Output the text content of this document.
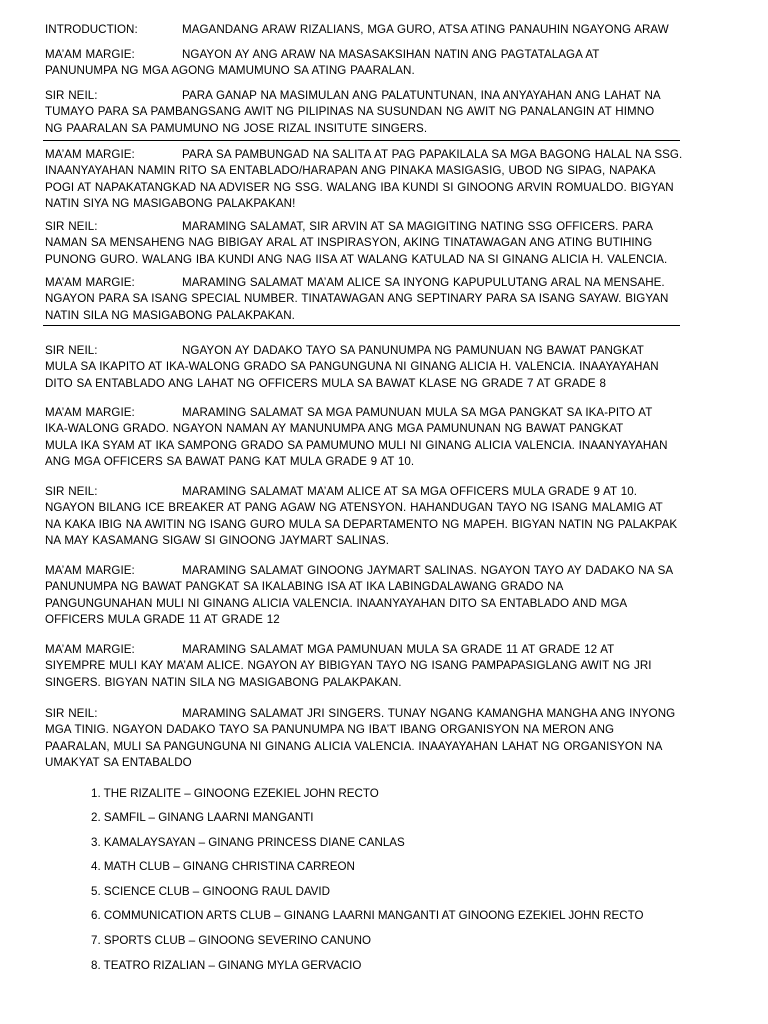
INTRODUCTION:	MAGANDANG ARAW RIZALIANS, MGA GURO, ATSA ATING PANAUHIN NGAYONG ARAW
MA’AM MARGIE:	NGAYON AY ANG ARAW NA MASASAKSIHAN NATIN ANG PAGTATALAGA AT
PANUNUMPA NG MGA AGONG MAMUMUNO SA ATING PAARALAN.
SIR NEIL:	PARA GANAP NA MASIMULAN ANG PALATUNTUNAN, INA ANYAYAHAN ANG LAHAT NA
TUMAYO PARA SA PAMBANGSANG AWIT NG PILIPINAS NA SUSUNDAN NG AWIT NG PANALANGIN AT HIMNO
NG PAARALAN SA PAMUMUNO NG JOSE RIZAL INSITUTE SINGERS.
MA’AM MARGIE:	PARA SA PAMBUNGAD NA SALITA AT PAG PAPAKILALA SA MGA BAGONG HALAL NA SSG.
INAANYAYAHAN NAMIN RITO SA ENTABLADO/HARAPAN ANG PINAKA MASIGASIG, UBOD NG SIPAG, NAPAKA
POGI AT NAPAKATANGKAD NA ADVISER NG SSG. WALANG IBA KUNDI SI GINOONG ARVIN ROMUALDO. BIGYAN
NATIN SIYA NG MASIGABONG PALAKPAKAN!
SIR NEIL:	MARAMING SALAMAT, SIR ARVIN AT SA MAGIGITING NATING SSG OFFICERS. PARA
NAMAN SA MENSAHENG NAG BIBIGAY ARAL AT INSPIRASYON, AKING TINATAWAGAN ANG ATING BUTIHING
PUNONG GURO. WALANG IBA KUNDI ANG NAG IISA AT WALANG KATULAD NA SI GINANG ALICIA H. VALENCIA.
MA’AM MARGIE:	MARAMING SALAMAT MA’AM ALICE SA INYONG KAPUPULUTANG ARAL NA MENSAHE.
NGAYON PARA SA ISANG SPECIAL NUMBER. TINATAWAGAN ANG SEPTINARY PARA SA ISANG SAYAW. BIGYAN
NATIN SILA NG MASIGABONG PALAKPAKAN.
SIR NEIL:	NGAYON AY DADAKO TAYO SA PANUNUMPA NG PAMUNUAN NG BAWAT PANGKAT
MULA SA IKAPITO AT IKA-WALONG GRADO SA PANGUNGUNA NI GINANG ALICIA H. VALENCIA. INAAYAYAHAN
DITO SA ENTABLADO ANG LAHAT NG OFFICERS MULA SA BAWAT KLASE NG GRADE 7 AT GRADE 8
MA’AM MARGIE:	MARAMING SALAMAT SA MGA PAMUNUAN MULA SA MGA PANGKAT SA IKA-PITO AT
IKA-WALONG GRADO. NGAYON NAMAN AY MANUNUMPA ANG MGA PAMUNUNAN NG BAWAT PANGKAT
MULA IKA SYAM AT IKA SAMPONG GRADO SA PAMUMUNO MULI NI GINANG ALICIA VALENCIA. INAANYAYAHAN
ANG MGA OFFICERS SA BAWAT PANG KAT MULA GRADE 9 AT 10.
SIR NEIL:	MARAMING SALAMAT MA’AM ALICE AT SA MGA OFFICERS MULA GRADE 9 AT 10.
NGAYON BILANG ICE BREAKER AT PANG AGAW NG ATENSYON. HAHANDUGAN TAYO NG ISANG MALAMIG AT
NA KAKA IBIG NA AWITIN NG ISANG GURO MULA SA DEPARTAMENTO NG MAPEH. BIGYAN NATIN NG PALAKPAK
NA MAY KASAMANG SIGAW SI GINOONG JAYMART SALINAS.
MA’AM MARGIE:	MARAMING SALAMAT GINOONG JAYMART SALINAS. NGAYON TAYO AY DADAKO NA SA
PANUNUMPA NG BAWAT PANGKAT SA IKALABING ISA AT IKA LABINGDALAWANG GRADO NA
PANGUNGUNAHAN MULI NI GINANG ALICIA VALENCIA. INAANYAYAHAN DITO SA ENTABLADO AND MGA
OFFICERS MULA GRADE 11 AT GRADE 12
MA’AM MARGIE:	MARAMING SALAMAT MGA PAMUNUAN MULA SA GRADE 11 AT GRADE 12 AT
SIYEMPRE MULI KAY MA’AM ALICE. NGAYON AY BIBIGYAN TAYO NG ISANG PAMPAPASIGLANG AWIT NG JRI
SINGERS. BIGYAN NATIN SILA NG MASIGABONG PALAKPAKAN.
SIR NEIL:	MARAMING SALAMAT JRI SINGERS. TUNAY NGANG KAMANGHA MANGHA ANG INYONG
MGA TINIG. NGAYON DADAKO TAYO SA PANUNUMPA NG IBA’T IBANG ORGANISYON NA MERON ANG
PAARALAN, MULI SA PANGUNGUNA NI GINANG ALICIA VALENCIA. INAAYAYAHAN LAHAT NG ORGANISYON NA
UMAKYAT SA ENTABALDO
1. THE RIZALITE – GINOONG EZEKIEL JOHN RECTO
2. SAMFIL – GINANG LAARNI MANGANTI
3. KAMALAYSAYAN – GINANG PRINCESS DIANE CANLAS
4. MATH CLUB – GINANG CHRISTINA CARREON
5. SCIENCE CLUB – GINOONG RAUL DAVID
6. COMMUNICATION ARTS CLUB – GINANG LAARNI MANGANTI AT GINOONG EZEKIEL JOHN RECTO
7. SPORTS CLUB – GINOONG SEVERINO CANUNO
8. TEATRO RIZALIAN – GINANG MYLA GERVACIO
